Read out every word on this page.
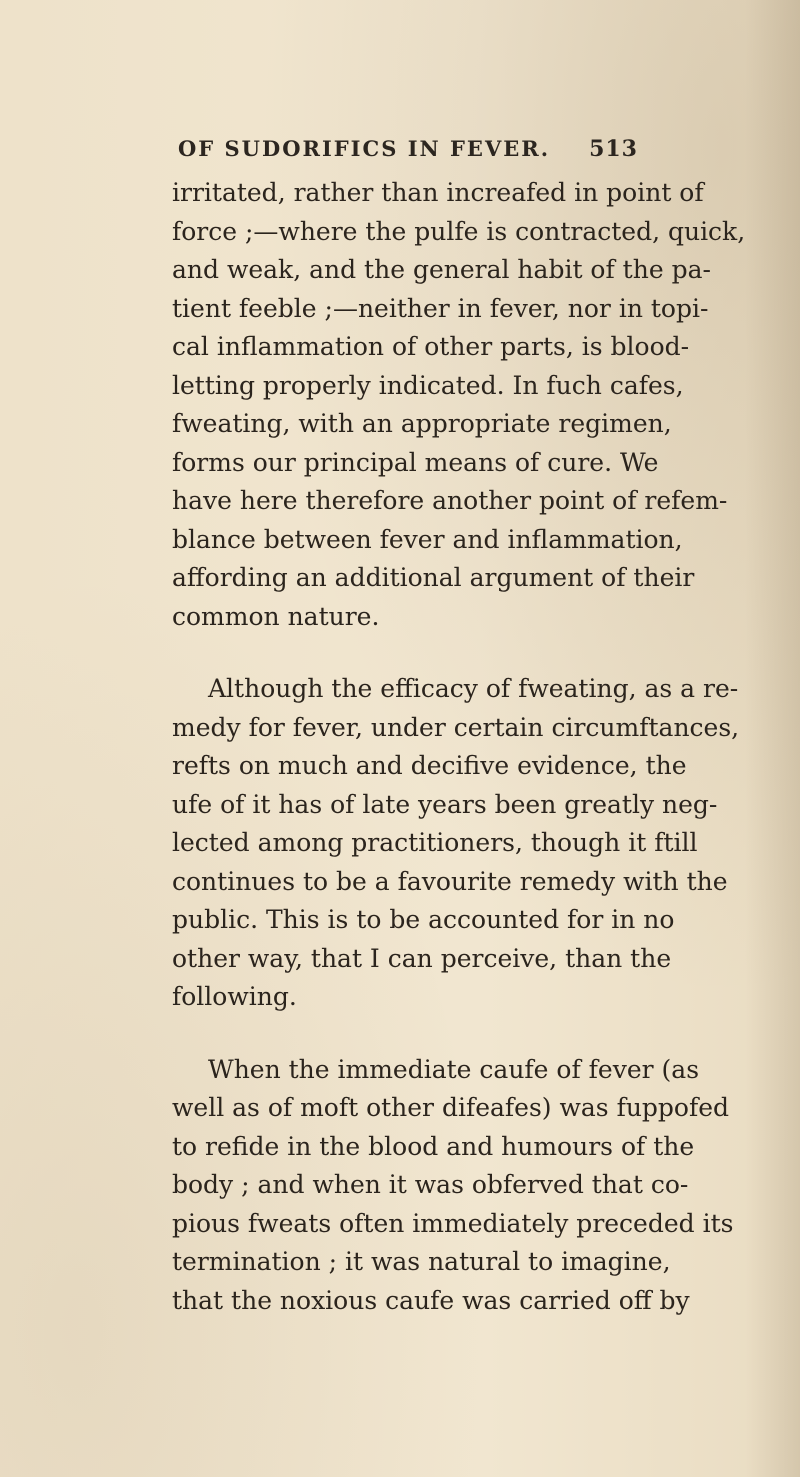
OF SUDORIFICS IN FEVER. 513
irritated, rather than increafed in point of
force ;—where the pulfe is contracted, quick,
and weak, and the general habit of the pa-
tient feeble ;—neither in fever, nor in topi-
cal inflammation of other parts, is blood-
letting properly indicated. In fuch cafes,
fweating, with an appropriate regimen,
forms our principal means of cure. We
have here therefore another point of refem-
blance between fever and inflammation,
affording an additional argument of their
common nature.
Although the efficacy of fweating, as a re-
medy for fever, under certain circumftances,
refts on much and decifive evidence, the
ufe of it has of late years been greatly neg-
lected among practitioners, though it ftill
continues to be a favourite remedy with the
public. This is to be accounted for in no
other way, that I can perceive, than the
following.
When the immediate caufe of fever (as
well as of moft other difeafes) was fuppofed
to refide in the blood and humours of the
body ; and when it was obferved that co-
pious fweats often immediately preceded its
termination ; it was natural to imagine,
that the noxious caufe was carried off by
